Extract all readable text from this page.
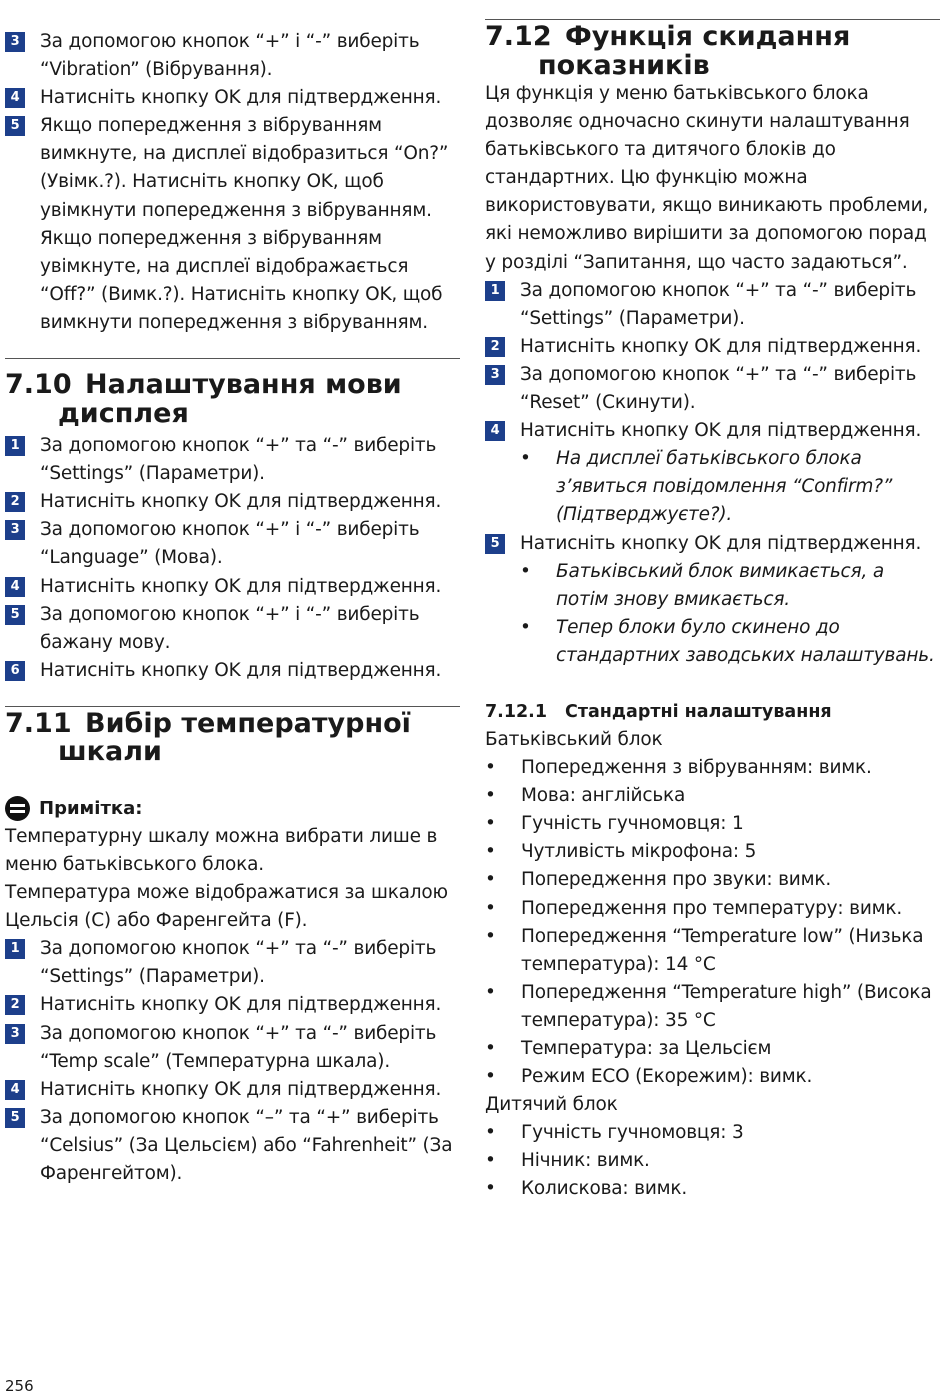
3	За допомогою кнопок “+” і “-” виберіть “Vibration” (Вібрування).
4	Натисніть кнопку OK для підтвердження.
5	Якщо попередження з вібруванням вимкнуте, на дисплеї відобразиться “On?” (Увімк.?). Натисніть кнопку OK, щоб увімкнути попередження з вібруванням. Якщо попередження з вібруванням увімкнуте, на дисплеї відображається “Off?” (Вимк.?). Натисніть кнопку OK, щоб вимкнути попередження з вібруванням.
7.10 Налаштування мови
дисплея
1	За допомогою кнопок “+” та “-” виберіть “Settings” (Параметри).
2	Натисніть кнопку OK для підтвердження.
3	За допомогою кнопок “+” і “-” виберіть “Language” (Мова).
4	Натисніть кнопку OK для підтвердження.
5	За допомогою кнопок “+” і “-” виберіть бажану мову.
6	Натисніть кнопку OK для підтвердження.
7.11 Вибір температурної
шкали
Примітка:

Температурну шкалу можна вибрати лише в меню батьківського блока.

Температура може відображатися за шкалою Цельсія (C) або Фаренгейта (F).

1	За допомогою кнопок “+” та “-” виберіть “Settings” (Параметри).
2	Натисніть кнопку OK для підтвердження.
3	За допомогою кнопок “+” та “-” виберіть “Temp scale” (Температурна шкала).
4	Натисніть кнопку OK для підтвердження.
5	За допомогою кнопок “–” та “+” виберіть “Celsius” (За Цельсієм) або “Fahrenheit” (За Фаренгейтом).
7.12 Функція скидання
показників

Ця функція у меню батьківського блока дозволяє одночасно скинути налаштування батьківського та дитячого блоків до стандартних. Цю функцію можна використовувати, якщо виникають проблеми, які неможливо вирішити за допомогою порад у розділі “Запитання, що часто задаються”.

1	За допомогою кнопок “+” та “-” виберіть “Settings” (Параметри).
2	Натисніть кнопку OK для підтвердження.
3	За допомогою кнопок “+” та “-” виберіть “Reset” (Скинути).
4	Натисніть кнопку OK для підтвердження.
•	На дисплеї батьківського блока з’явиться повідомлення “Confirm?” (Підтверджуєте?).
5	Натисніть кнопку OK для підтвердження.
•	Батьківський блок вимикається, а потім знову вмикається.
•	Тепер блоки було скинено до стандартних заводських налаштувань.
7.12.1 Стандартні налаштування

Батьківський блок

•	Попередження з вібруванням: вимк.
•	Мова: англійська
•	Гучність гучномовця: 1
•	Чутливість мікрофона: 5
•	Попередження про звуки: вимк.
•	Попередження про температуру: вимк.
•	Попередження “Temperature low” (Низька температура): 14 °C
•	Попередження “Temperature high” (Висока температура): 35 °C
•	Температура: за Цельсієм
•	Режим ECO (Екорежим): вимк.

Дитячий блок

•	Гучність гучномовця: 3
•	Нічник: вимк.
•	Колискова: вимк.
256
